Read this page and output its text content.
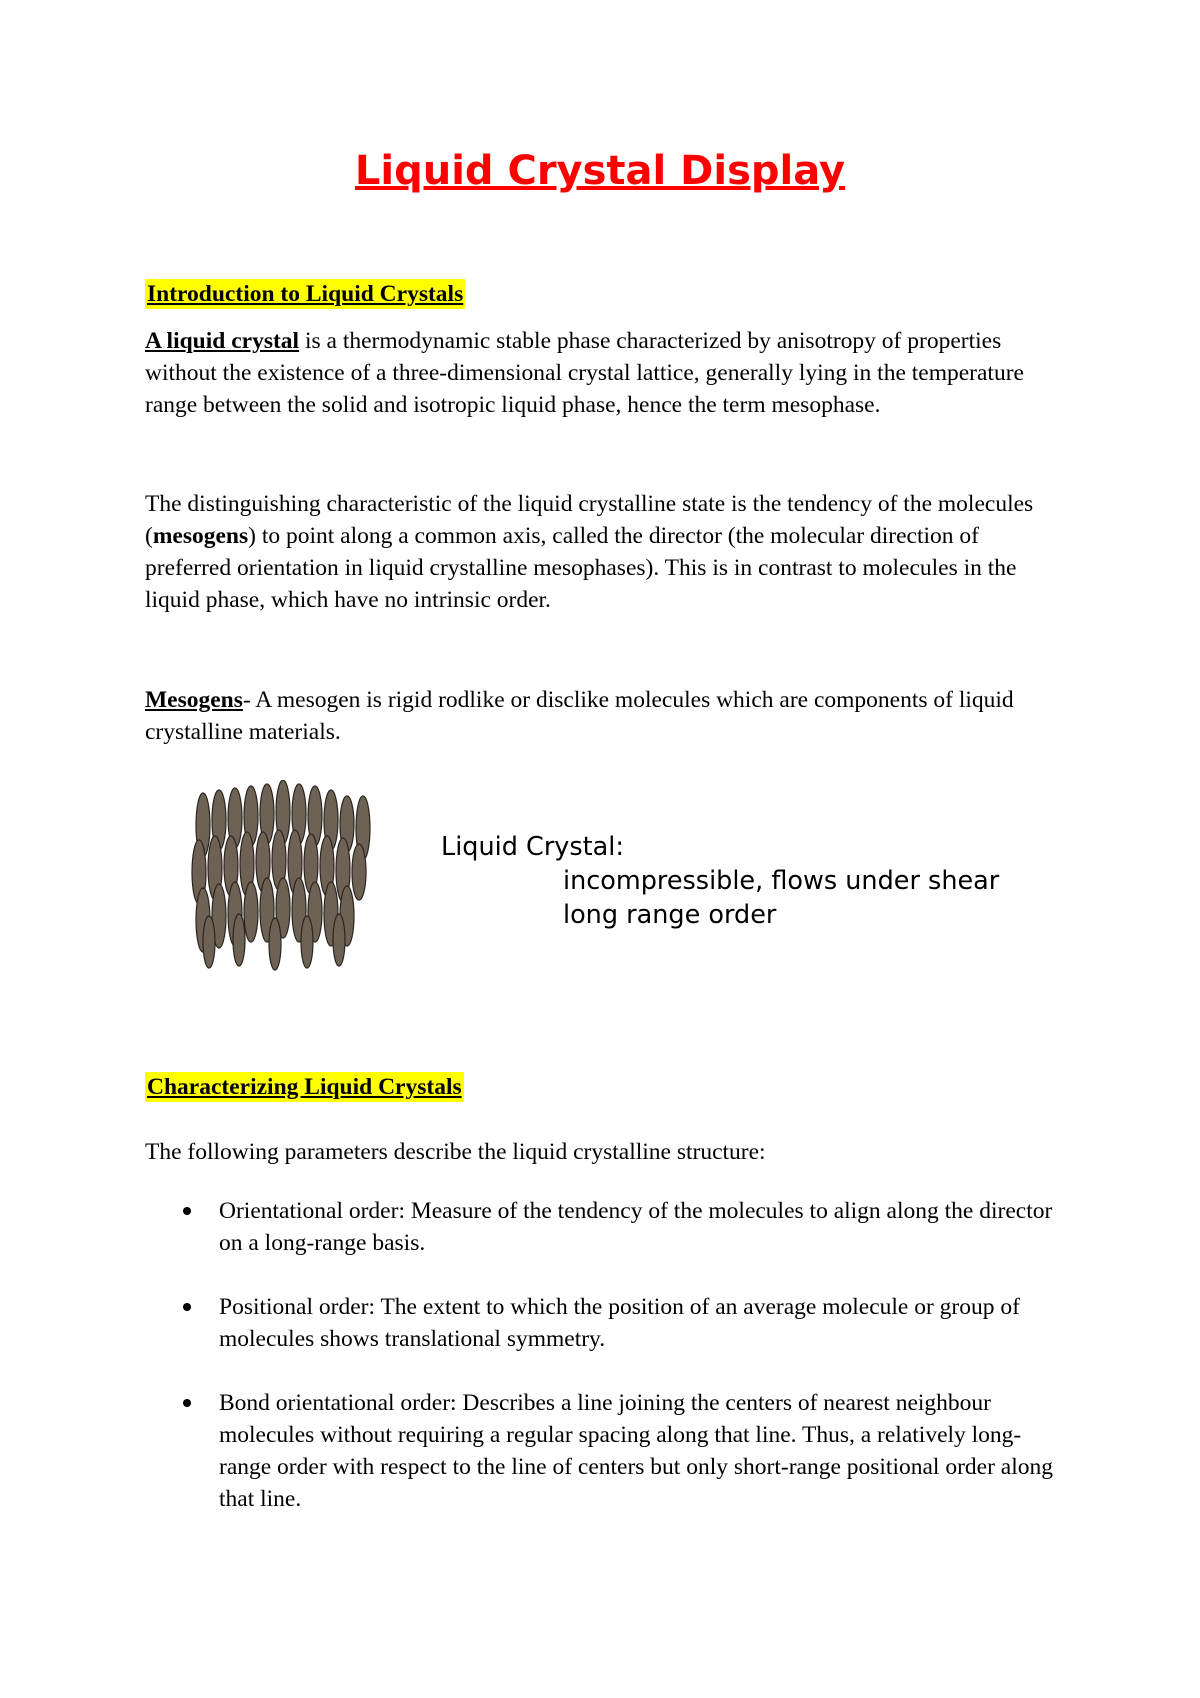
Liquid Crystal Display
Introduction to Liquid Crystals

A liquid crystal is a thermodynamic stable phase characterized by anisotropy of properties without the existence of a three-dimensional crystal lattice, generally lying in the temperature range between the solid and isotropic liquid phase, hence the term mesophase.

The distinguishing characteristic of the liquid crystalline state is the tendency of the molecules (mesogens) to point along a common axis, called the director (the molecular direction of preferred orientation in liquid crystalline mesophases). This is in contrast to molecules in the liquid phase, which have no intrinsic order.

Mesogens- A mesogen is rigid rodlike or disclike molecules which are components of liquid crystalline materials.

Liquid Crystal:
incompressible, flows under shear
long range order
Characterizing Liquid Crystals

The following parameters describe the liquid crystalline structure:

Orientational order: Measure of the tendency of the molecules to align along the director on a long-range basis.
Positional order: The extent to which the position of an average molecule or group of molecules shows translational symmetry.
Bond orientational order: Describes a line joining the centers of nearest neighbour molecules without requiring a regular spacing along that line. Thus, a relatively long-range order with respect to the line of centers but only short-range positional order along that line.
